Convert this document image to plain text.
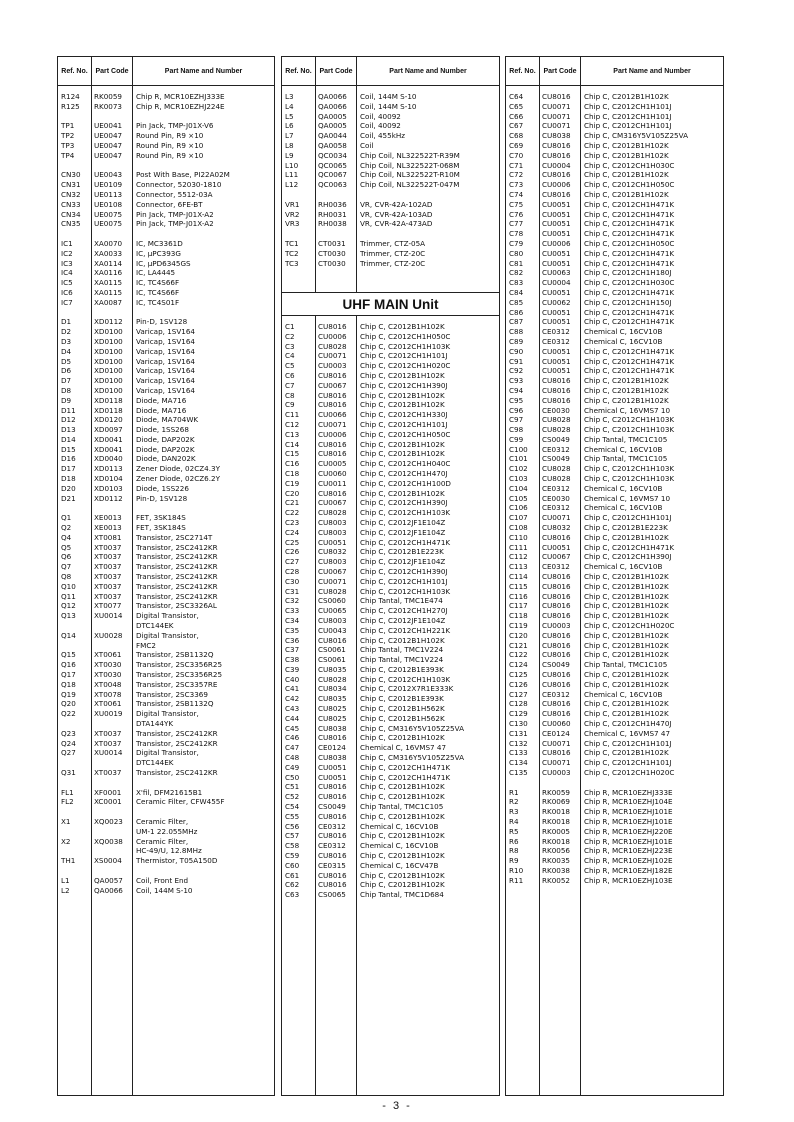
Ref. No.	Part Code	Part Name and Number
R124	RK0059	Chip R, MCR10EZHJ333E
R125	RK0073	Chip R, MCR10EZHJ224E
TP1	UE0041	Pin Jack, TMP-J01X-V6
TP2	UE0047	Round Pin, R9 ×10
TP3	UE0047	Round Pin, R9 ×10
TP4	UE0047	Round Pin, R9 ×10
CN30	UE0043	Post With Base, PI22A02M
CN31	UE0109	Connector, 52030-1810
CN32	UE0113	Connector, 5512-03A
CN33	UE0108	Connector, 6FE-BT
CN34	UE0075	Pin Jack, TMP-J01X-A2
CN35	UE0075	Pin Jack, TMP-J01X-A2
IC1	XA0070	IC, MC3361D
IC2	XA0033	IC, μPC393G
IC3	XA0114	IC, μPD6345GS
IC4	XA0116	IC, LA4445
IC5	XA0115	IC, TC4S66F
IC6	XA0115	IC, TC4S66F
IC7	XA0087	IC, TC4S01F
D1	XD0112	Pin-D, 1SV128
D2	XD0100	Varicap, 1SV164
D3	XD0100	Varicap, 1SV164
D4	XD0100	Varicap, 1SV164
D5	XD0100	Varicap, 1SV164
D6	XD0100	Varicap, 1SV164
D7	XD0100	Varicap, 1SV164
D8	XD0100	Varicap, 1SV164
D9	XD0118	Diode, MA716
D11	XD0118	Diode, MA716
D12	XD0120	Diode, MA704WK
D13	XD0097	Diode, 1SS268
D14	XD0041	Diode, DAP202K
D15	XD0041	Diode, DAP202K
D16	XD0040	Diode, DAN202K
D17	XD0113	Zener Diode, 02CZ4.3Y
D18	XD0104	Zener Diode, 02CZ6.2Y
D20	XD0103	Diode, 1SS226
D21	XD0112	Pin-D, 1SV128
Q1	XE0013	FET, 3SK184S
Q2	XE0013	FET, 3SK184S
Q4	XT0081	Transistor, 2SC2714T
Q5	XT0037	Transistor, 2SC2412KR
Q6	XT0037	Transistor, 2SC2412KR
Q7	XT0037	Transistor, 2SC2412KR
Q8	XT0037	Transistor, 2SC2412KR
Q10	XT0037	Transistor, 2SC2412KR
Q11	XT0037	Transistor, 2SC2412KR
Q12	XT0077	Transistor, 2SC3326AL
Q13	XU0014	Digital Transistor,
DTC144EK
Q14	XU0028	Digital Transistor,
FMC2
Q15	XT0061	Transistor, 2SB1132Q
Q16	XT0030	Transistor, 2SC3356R25
Q17	XT0030	Transistor, 2SC3356R25
Q18	XT0048	Transistor, 2SC3357RE
Q19	XT0078	Transistor, 2SC3369
Q20	XT0061	Transistor, 2SB1132Q
Q22	XU0019	Digital Transistor,
DTA144YK
Q23	XT0037	Transistor, 2SC2412KR
Q24	XT0037	Transistor, 2SC2412KR
Q27	XU0014	Digital Transistor,
DTC144EK
Q31	XT0037	Transistor, 2SC2412KR
FL1	XF0001	X'fil, DFM21615B1
FL2	XC0001	Ceramic Filter, CFW455F
X1	XQ0023	Ceramic Filter,
UM-1 22.055MHz
X2	XQ0038	Ceramic Filter,
HC-49/U, 12.8MHz
TH1	XS0004	Thermistor, T05A150D
L1	QA0057	Coil, Front End
L2	QA0066	Coil, 144M S-10
Ref. No.	Part Code	Part Name and Number
L3	QA0066	Coil, 144M S-10
L4	QA0066	Coil, 144M S-10
L5	QA0005	Coil, 40092
L6	QA0005	Coil, 40092
L7	QA0044	Coil, 455kHz
L8	QA0058	Coil
L9	QC0034	Chip Coil, NL322522T-R39M
L10	QC0065	Chip Coil, NL322522T-068M
L11	QC0067	Chip Coil, NL322522T-R10M
L12	QC0063	Chip Coil, NL322522T-047M
VR1	RH0036	VR, CVR-42A-102AD
VR2	RH0031	VR, CVR-42A-103AD
VR3	RH0038	VR, CVR-42A-473AD
TC1	CT0031	Trimmer, CTZ-05A
TC2	CT0030	Trimmer, CTZ-20C
TC3	CT0030	Trimmer, CTZ-20C
UHF MAIN Unit
C1	CU8016	Chip C, C2012B1H102K
C2	CU0006	Chip C, C2012CH1H050C
C3	CU8028	Chip C, C2012CH1H103K
C4	CU0071	Chip C, C2012CH1H101J
C5	CU0003	Chip C, C2012CH1H020C
C6	CU8016	Chip C, C2012B1H102K
C7	CU0067	Chip C, C2012CH1H390J
C8	CU8016	Chip C, C2012B1H102K
C9	CU8016	Chip C, C2012B1H102K
C11	CU0066	Chip C, C2012CH1H330J
C12	CU0071	Chip C, C2012CH1H101J
C13	CU0006	Chip C, C2012CH1H050C
C14	CU8016	Chip C, C2012B1H102K
C15	CU8016	Chip C, C2012B1H102K
C16	CU0005	Chip C, C2012CH1H040C
C18	CU0060	Chip C, C2012CH1H470J
C19	CU0011	Chip C, C2012CH1H100D
C20	CU8016	Chip C, C2012B1H102K
C21	CU0067	Chip C, C2012CH1H390J
C22	CU8028	Chip C, C2012CH1H103K
C23	CU8003	Chip C, C2012JF1E104Z
C24	CU8003	Chip C, C2012JF1E104Z
C25	CU0051	Chip C, C2012CH1H471K
C26	CU8032	Chip C, C2012B1E223K
C27	CU8003	Chip C, C2012JF1E104Z
C28	CU0067	Chip C, C2012CH1H390J
C30	CU0071	Chip C, C2012CH1H101J
C31	CU8028	Chip C, C2012CH1H103K
C32	CS0060	Chip Tantal, TMC1E474
C33	CU0065	Chip C, C2012CH1H270J
C34	CU8003	Chip C, C2012JF1E104Z
C35	CU0043	Chip C, C2012CH1H221K
C36	CU8016	Chip C, C2012B1H102K
C37	CS0061	Chip Tantal, TMC1V224
C38	CS0061	Chip Tantal, TMC1V224
C39	CU8035	Chip C, C2012B1E393K
C40	CU8028	Chip C, C2012CH1H103K
C41	CU8034	Chip C, C2012X7R1E333K
C42	CU8035	Chip C, C2012B1E393K
C43	CU8025	Chip C, C2012B1H562K
C44	CU8025	Chip C, C2012B1H562K
C45	CU8038	Chip C, CM316Y5V105Z25VA
C46	CU8016	Chip C, C2012B1H102K
C47	CE0124	Chemical C, 16VMS7 47
C48	CU8038	Chip C, CM316Y5V105Z25VA
C49	CU0051	Chip C, C2012CH1H471K
C50	CU0051	Chip C, C2012CH1H471K
C51	CU8016	Chip C, C2012B1H102K
C52	CU8016	Chip C, C2012B1H102K
C54	CS0049	Chip Tantal, TMC1C105
C55	CU8016	Chip C, C2012B1H102K
C56	CE0312	Chemical C, 16CV10B
C57	CU8016	Chip C, C2012B1H102K
C58	CE0312	Chemical C, 16CV10B
C59	CU8016	Chip C, C2012B1H102K
C60	CE0315	Chemical C, 16CV47B
C61	CU8016	Chip C, C2012B1H102K
C62	CU8016	Chip C, C2012B1H102K
C63	CS0065	Chip Tantal, TMC1D684
Ref. No.	Part Code	Part Name and Number
C64	CU8016	Chip C, C2012B1H102K
C65	CU0071	Chip C, C2012CH1H101J
C66	CU0071	Chip C, C2012CH1H101J
C67	CU0071	Chip C, C2012CH1H101J
C68	CU8038	Chip C, CM316Y5V105Z25VA
C69	CU8016	Chip C, C2012B1H102K
C70	CU8016	Chip C, C2012B1H102K
C71	CU0004	Chip C, C2012CH1H030C
C72	CU8016	Chip C, C2012B1H102K
C73	CU0006	Chip C, C2012CH1H050C
C74	CU8016	Chip C, C2012B1H102K
C75	CU0051	Chip C, C2012CH1H471K
C76	CU0051	Chip C, C2012CH1H471K
C77	CU0051	Chip C, C2012CH1H471K
C78	CU0051	Chip C, C2012CH1H471K
C79	CU0006	Chip C, C2012CH1H050C
C80	CU0051	Chip C, C2012CH1H471K
C81	CU0051	Chip C, C2012CH1H471K
C82	CU0063	Chip C, C2012CH1H180J
C83	CU0004	Chip C, C2012CH1H030C
C84	CU0051	Chip C, C2012CH1H471K
C85	CU0062	Chip C, C2012CH1H150J
C86	CU0051	Chip C, C2012CH1H471K
C87	CU0051	Chip C, C2012CH1H471K
C88	CE0312	Chemical C, 16CV10B
C89	CE0312	Chemical C, 16CV10B
C90	CU0051	Chip C, C2012CH1H471K
C91	CU0051	Chip C, C2012CH1H471K
C92	CU0051	Chip C, C2012CH1H471K
C93	CU8016	Chip C, C2012B1H102K
C94	CU8016	Chip C, C2012B1H102K
C95	CU8016	Chip C, C2012B1H102K
C96	CE0030	Chemical C, 16VMS7 10
C97	CU8028	Chip C, C2012CH1H103K
C98	CU8028	Chip C, C2012CH1H103K
C99	CS0049	Chip Tantal, TMC1C105
C100	CE0312	Chemical C, 16CV10B
C101	CS0049	Chip Tantal, TMC1C105
C102	CU8028	Chip C, C2012CH1H103K
C103	CU8028	Chip C, C2012CH1H103K
C104	CE0312	Chemical C, 16CV10B
C105	CE0030	Chemical C, 16VMS7 10
C106	CE0312	Chemical C, 16CV10B
C107	CU0071	Chip C, C2012CH1H101J
C108	CU8032	Chip C, C2012B1E223K
C110	CU8016	Chip C, C2012B1H102K
C111	CU0051	Chip C, C2012CH1H471K
C112	CU0067	Chip C, C2012CH1H390J
C113	CE0312	Chemical C, 16CV10B
C114	CU8016	Chip C, C2012B1H102K
C115	CU8016	Chip C, C2012B1H102K
C116	CU8016	Chip C, C2012B1H102K
C117	CU8016	Chip C, C2012B1H102K
C118	CU8016	Chip C, C2012B1H102K
C119	CU0003	Chip C, C2012CH1H020C
C120	CU8016	Chip C, C2012B1H102K
C121	CU8016	Chip C, C2012B1H102K
C122	CU8016	Chip C, C2012B1H102K
C124	CS0049	Chip Tantal, TMC1C105
C125	CU8016	Chip C, C2012B1H102K
C126	CU8016	Chip C, C2012B1H102K
C127	CE0312	Chemical C, 16CV10B
C128	CU8016	Chip C, C2012B1H102K
C129	CU8016	Chip C, C2012B1H102K
C130	CU0060	Chip C, C2012CH1H470J
C131	CE0124	Chemical C, 16VMS7 47
C132	CU0071	Chip C, C2012CH1H101J
C133	CU8016	Chip C, C2012B1H102K
C134	CU0071	Chip C, C2012CH1H101J
C135	CU0003	Chip C, C2012CH1H020C
R1	RK0059	Chip R, MCR10EZHJ333E
R2	RK0069	Chip R, MCR10EZHJ104E
R3	RK0018	Chip R, MCR10EZHJ101E
R4	RK0018	Chip R, MCR10EZHJ101E
R5	RK0005	Chip R, MCR10EZHJ220E
R6	RK0018	Chip R, MCR10EZHJ101E
R8	RK0056	Chip R, MCR10EZHJ223E
R9	RK0035	Chip R, MCR10EZHJ102E
R10	RK0038	Chip R, MCR10EZHJ182E
R11	RK0052	Chip R, MCR10EZHJ103E
- 3 -
